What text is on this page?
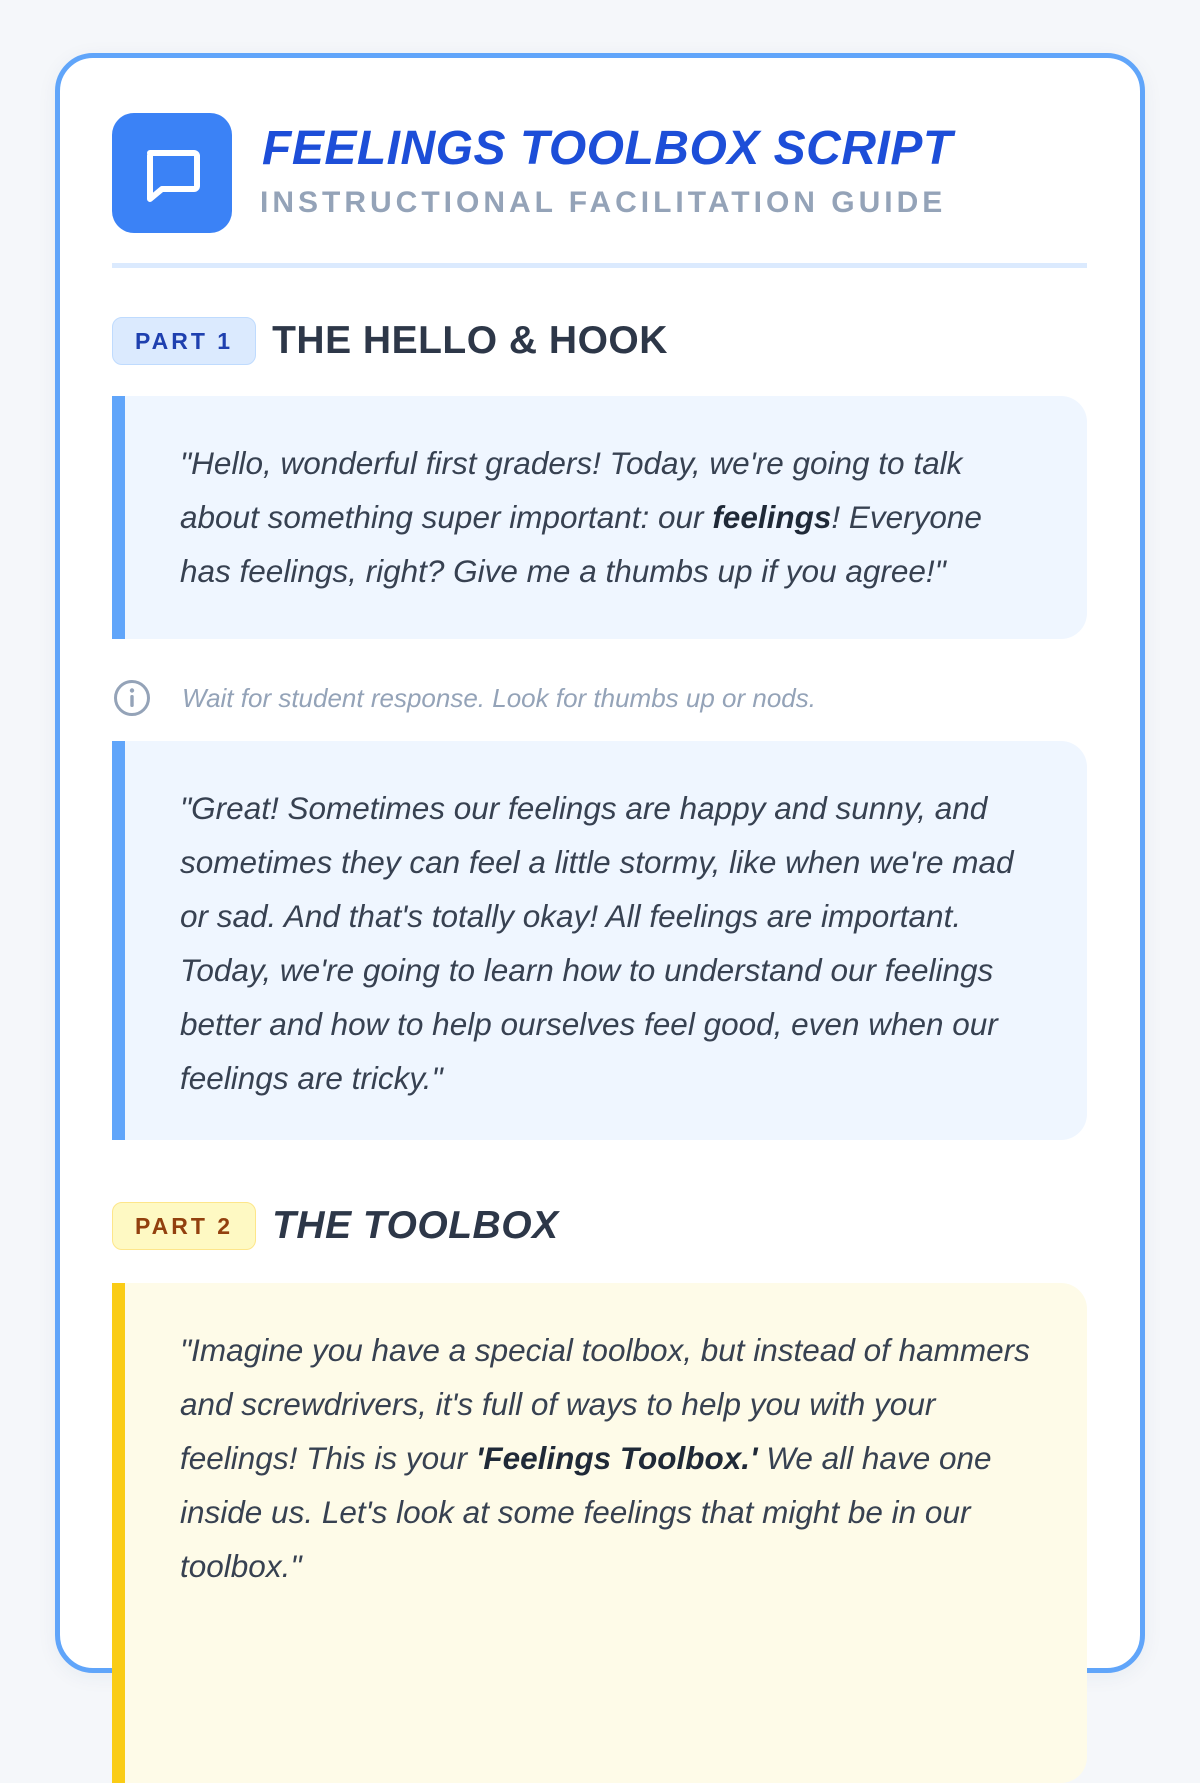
FEELINGS TOOLBOX SCRIPT
INSTRUCTIONAL FACILITATION GUIDE
PART 1	THE HELLO & HOOK

"Hello, wonderful first graders! Today, we're going to talk about something super important: our feelings! Everyone has feelings, right? Give me a thumbs up if you agree!"

Wait for student response. Look for thumbs up or nods.

"Great! Sometimes our feelings are happy and sunny, and sometimes they can feel a little stormy, like when we're mad or sad. And that's totally okay! All feelings are important. Today, we're going to learn how to understand our feelings better and how to help ourselves feel good, even when our feelings are tricky."

PART 2	THE TOOLBOX

"Imagine you have a special toolbox, but instead of hammers and screwdrivers, it's full of ways to help you with your feelings! This is your 'Feelings Toolbox.' We all have one inside us. Let's look at some feelings that might be in our toolbox."
